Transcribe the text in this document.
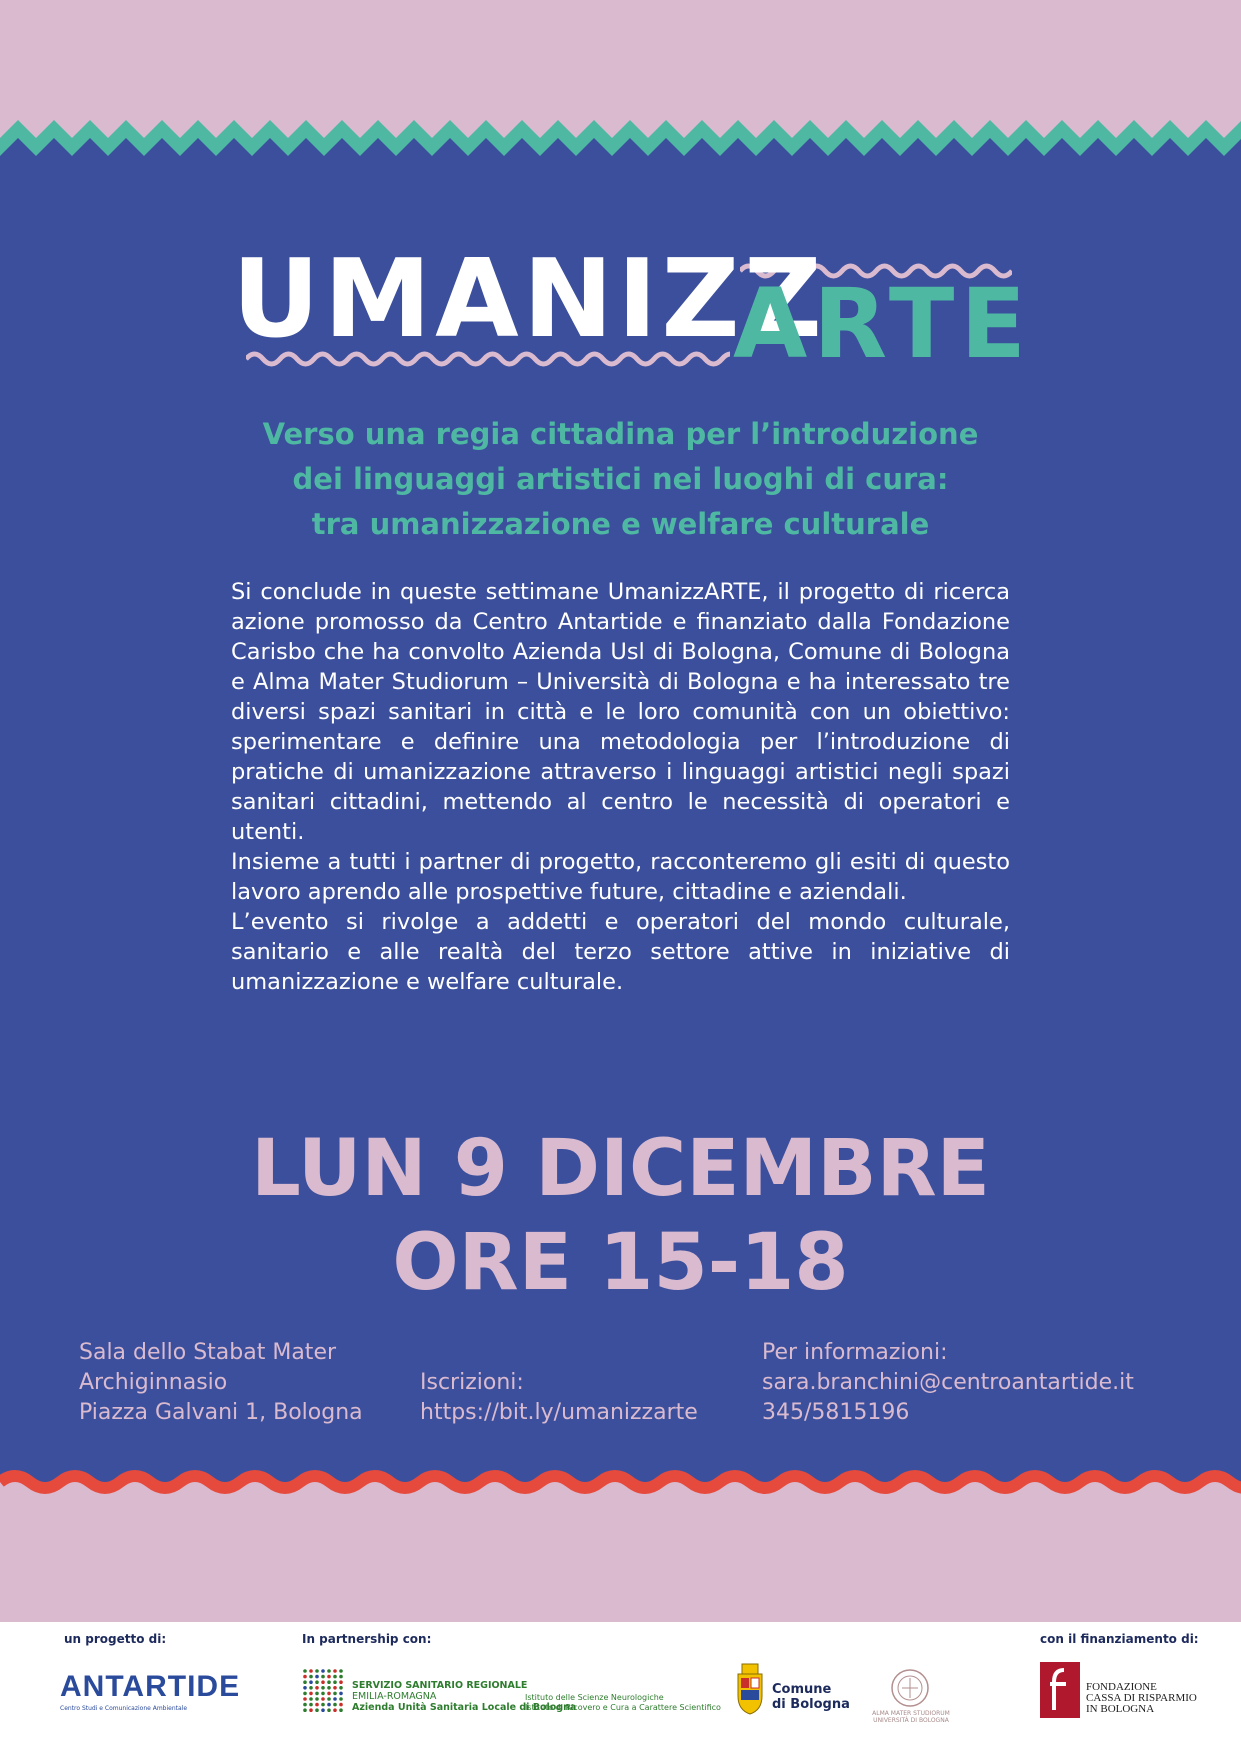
UMANIZZ
ARTE
Verso una regia cittadina per l’introduzione
dei linguaggi artistici nei luoghi di cura:
tra umanizzazione e welfare culturale

Si conclude in queste settimane UmanizzARTE, il progetto di ricerca azione promosso da Centro Antartide e finanziato dalla Fondazione Carisbo che ha convolto Azienda Usl di Bologna, Comune di Bologna e Alma Mater Studiorum – Università di Bologna e ha interessato tre diversi spazi sanitari in città e le loro comunità con un obiettivo: sperimentare e definire una metodologia per l’introduzione di pratiche di umanizzazione attraverso i linguaggi artistici negli spazi sanitari cittadini, mettendo al centro le necessità di operatori e utenti.

Insieme a tutti i partner di progetto, racconteremo gli esiti di questo lavoro aprendo alle prospettive future, cittadine e aziendali.

L’evento si rivolge a addetti e operatori del mondo culturale, sanitario e alle realtà del terzo settore attive in iniziative di umanizzazione e welfare culturale.

LUN 9 DICEMBRE
ORE 15-18
Sala dello Stabat Mater
Archiginnasio
Piazza Galvani 1, Bologna
Iscrizioni:
https://bit.ly/umanizzarte
Per informazioni:
sara.branchini@centroantartide.it
345/5815196
un progetto di:
ANTARTIDE
Centro Studi e Comunicazione Ambientale
In partnership con:
SERVIZIO SANITARIO REGIONALE
EMILIA-ROMAGNA
Azienda Unità Sanitaria Locale di Bologna
Istituto delle Scienze Neurologiche
Istituto di Ricovero e Cura a Carattere Scientifico
Comune
di Bologna
ALMA MATER STUDIORUM
UNIVERSITÀ DI BOLOGNA
con il finanziamento di:
FONDAZIONE
CASSA DI RISPARMIO
IN BOLOGNA
